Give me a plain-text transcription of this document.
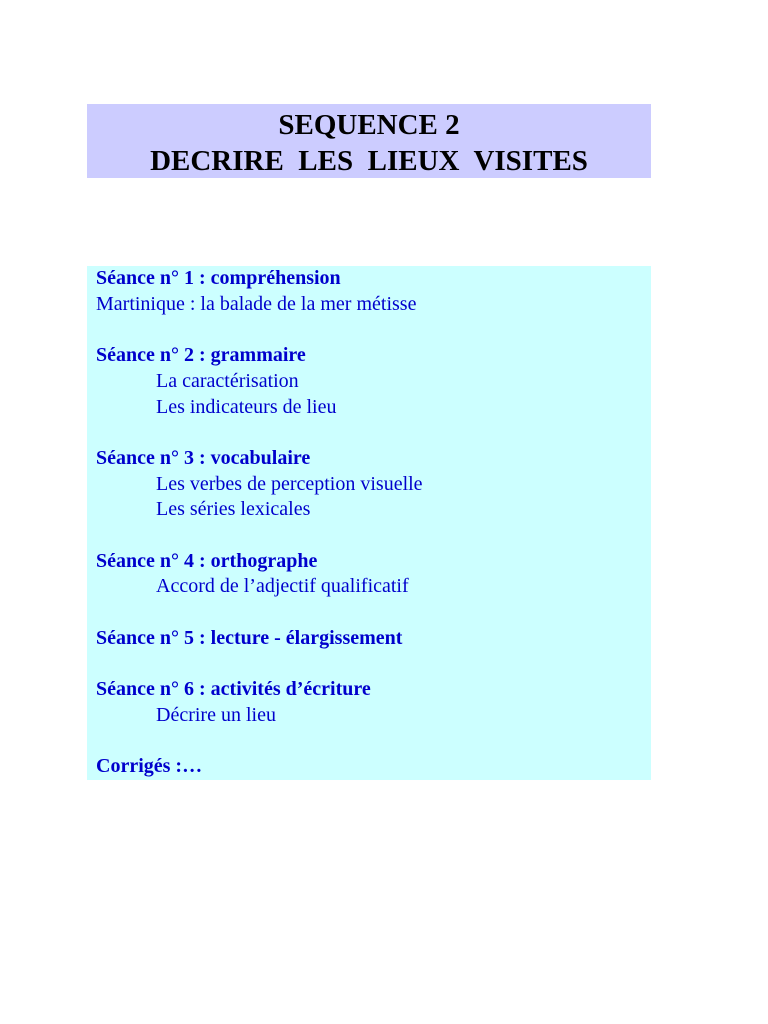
SEQUENCE 2
DECRIRE  LES  LIEUX  VISITES
Séance n° 1 : compréhension
Martinique : la balade de la mer métisse
Séance n° 2 : grammaire
La caractérisation
Les indicateurs de lieu
Séance n° 3 : vocabulaire
Les verbes de perception visuelle
Les séries lexicales
Séance n° 4 : orthographe
Accord de l’adjectif qualificatif
Séance n° 5 : lecture - élargissement
Séance n° 6 : activités d’écriture
Décrire un lieu
Corrigés :…
